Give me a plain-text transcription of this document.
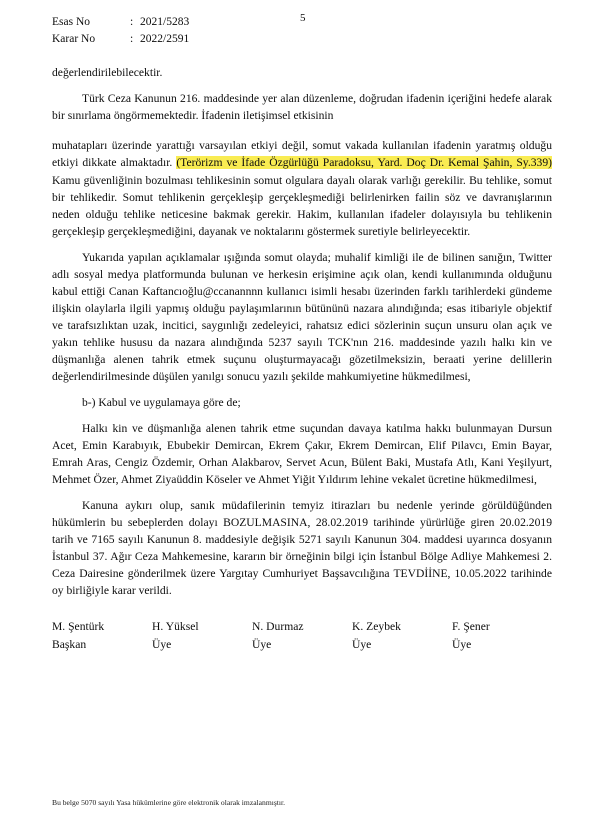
5
Esas No	: 2021/5283
Karar No	: 2022/2591

değerlendirilebilecektir.

Türk Ceza Kanunun 216. maddesinde yer alan düzenleme, doğrudan ifadenin içeriğini hedefe alarak bir sınırlama öngörmemektedir. İfadenin iletişimsel etkisinin

muhatapları üzerinde yarattığı varsayılan etkiyi değil, somut vakada kullanılan ifadenin yaratmış olduğu etkiyi dikkate almaktadır. (Terörizm ve İfade Özgürlüğü Paradoksu, Yard. Doç Dr. Kemal Şahin, Sy.339) Kamu güvenliğinin bozulması tehlikesinin somut olgulara dayalı olarak varlığı gerekilir. Bu tehlike, somut bir tehlikedir. Somut tehlikenin gerçekleşip gerçekleşmediği belirlenirken failin söz ve davranışlarının neden olduğu tehlike neticesine bakmak gerekir. Hakim, kullanılan ifadeler dolayısıyla bu tehlikenin gerçekleşip gerçekleşmediğini, dayanak ve noktalarını göstermek suretiyle belirleyecektir.

Yukarıda yapılan açıklamalar ışığında somut olayda; muhalif kimliği ile de bilinen sanığın, Twitter adlı sosyal medya platformunda bulunan ve herkesin erişimine açık olan, kendi kullanımında olduğunu kabul ettiği Canan Kaftancıoğlu@ccanannnn kullanıcı isimli hesabı üzerinden farklı tarihlerdeki gündeme ilişkin olaylarla ilgili yapmış olduğu paylaşımlarının bütününü nazara alındığında; esas itibariyle objektif ve tarafsızlıktan uzak, incitici, saygınlığı zedeleyici, rahatsız edici sözlerinin suçun unsuru olan açık ve yakın tehlike hususu da nazara alındığında 5237 sayılı TCK'nın 216. maddesinde yazılı halkı kin ve düşmanlığa alenen tahrik etmek suçunu oluşturmayacağı gözetilmeksizin, beraati yerine delillerin değerlendirilmesinde düşülen yanılgı sonucu yazılı şekilde mahkumiyetine hükmedilmesi,

b-) Kabul ve uygulamaya göre de;

Halkı kin ve düşmanlığa alenen tahrik etme suçundan davaya katılma hakkı bulunmayan Dursun Acet, Emin Karabıyık, Ebubekir Demircan, Ekrem Çakır, Ekrem Demircan, Elif Pilavcı, Emin Bayar, Emrah Aras, Cengiz Özdemir, Orhan Alakbarov, Servet Acun, Bülent Baki, Mustafa Atlı, Kani Yeşilyurt, Mehmet Özer, Ahmet Ziyaüddin Köseler ve Ahmet Yiğit Yıldırım lehine vekalet ücretine hükmedilmesi,

Kanuna aykırı olup, sanık müdafilerinin temyiz itirazları bu nedenle yerinde görüldüğünden hükümlerin bu sebeplerden dolayı BOZULMASINA, 28.02.2019 tarihinde yürürlüğe giren 20.02.2019 tarih ve 7165 sayılı Kanunun 8. maddesiyle değişik 5271 sayılı Kanunun 304. maddesi uyarınca dosyanın İstanbul 37. Ağır Ceza Mahkemesine, kararın bir örneğinin bilgi için İstanbul Bölge Adliye Mahkemesi 2. Ceza Dairesine gönderilmek üzere Yargıtay Cumhuriyet Başsavcılığına TEVDİİNE, 10.05.2022 tarihinde oy birliğiyle karar verildi.

M. Şentürk
Başkan
H. Yüksel
Üye
N. Durmaz
Üye
K. Zeybek
Üye
F. Şener
Üye
Bu belge 5070 sayılı Yasa hükümlerine göre elektronik olarak imzalanmıştır.
